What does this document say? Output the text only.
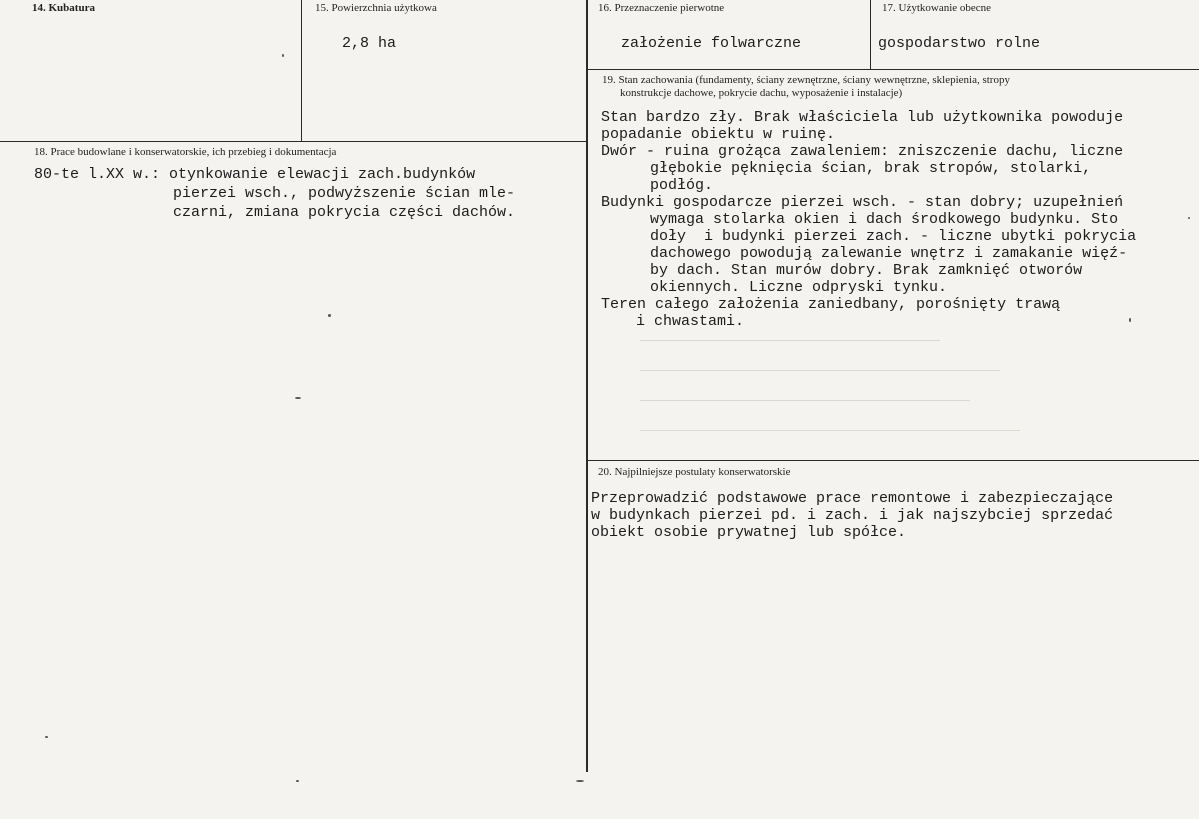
14. Kubatura	15. Powierzchnia użytkowa
2,8 ha
16. Przeznaczenie pierwotne
założenie folwarczne
17. Użytkowanie obecne
gospodarstwo rolne
18. Prace budowlane i konserwatorskie, ich przebieg i dokumentacja
80-te l.XX w.: otynkowanie elewacji zach.budynków
pierzei wsch., podwyższenie ścian mle-
czarni, zmiana pokrycia części dachów.
19. Stan zachowania (fundamenty, ściany zewnętrzne, ściany wewnętrzne, sklepienia, stropy
konstrukcje dachowe, pokrycie dachu, wyposażenie i instalacje)
Stan bardzo zły. Brak właściciela lub użytkownika powoduje
popadanie obiektu w ruinę.
Dwór - ruina grożąca zawaleniem: zniszczenie dachu, liczne
głębokie pęknięcia ścian, brak stropów, stolarki,
podłóg.
Budynki gospodarcze pierzei wsch. - stan dobry; uzupełnień
wymaga stolarka okien i dach środkowego budynku. Sto
doły  i budynki pierzei zach. - liczne ubytki pokrycia
dachowego powodują zalewanie wnętrz i zamakanie więź-
by dach. Stan murów dobry. Brak zamknięć otworów
okiennych. Liczne odpryski tynku.
Teren całego założenia zaniedbany, porośnięty trawą
i chwastami.
20. Najpilniejsze postulaty konserwatorskie
Przeprowadzić podstawowe prace remontowe i zabezpieczające
w budynkach pierzei pd. i zach. i jak najszybciej sprzedać
obiekt osobie prywatnej lub spółce.
